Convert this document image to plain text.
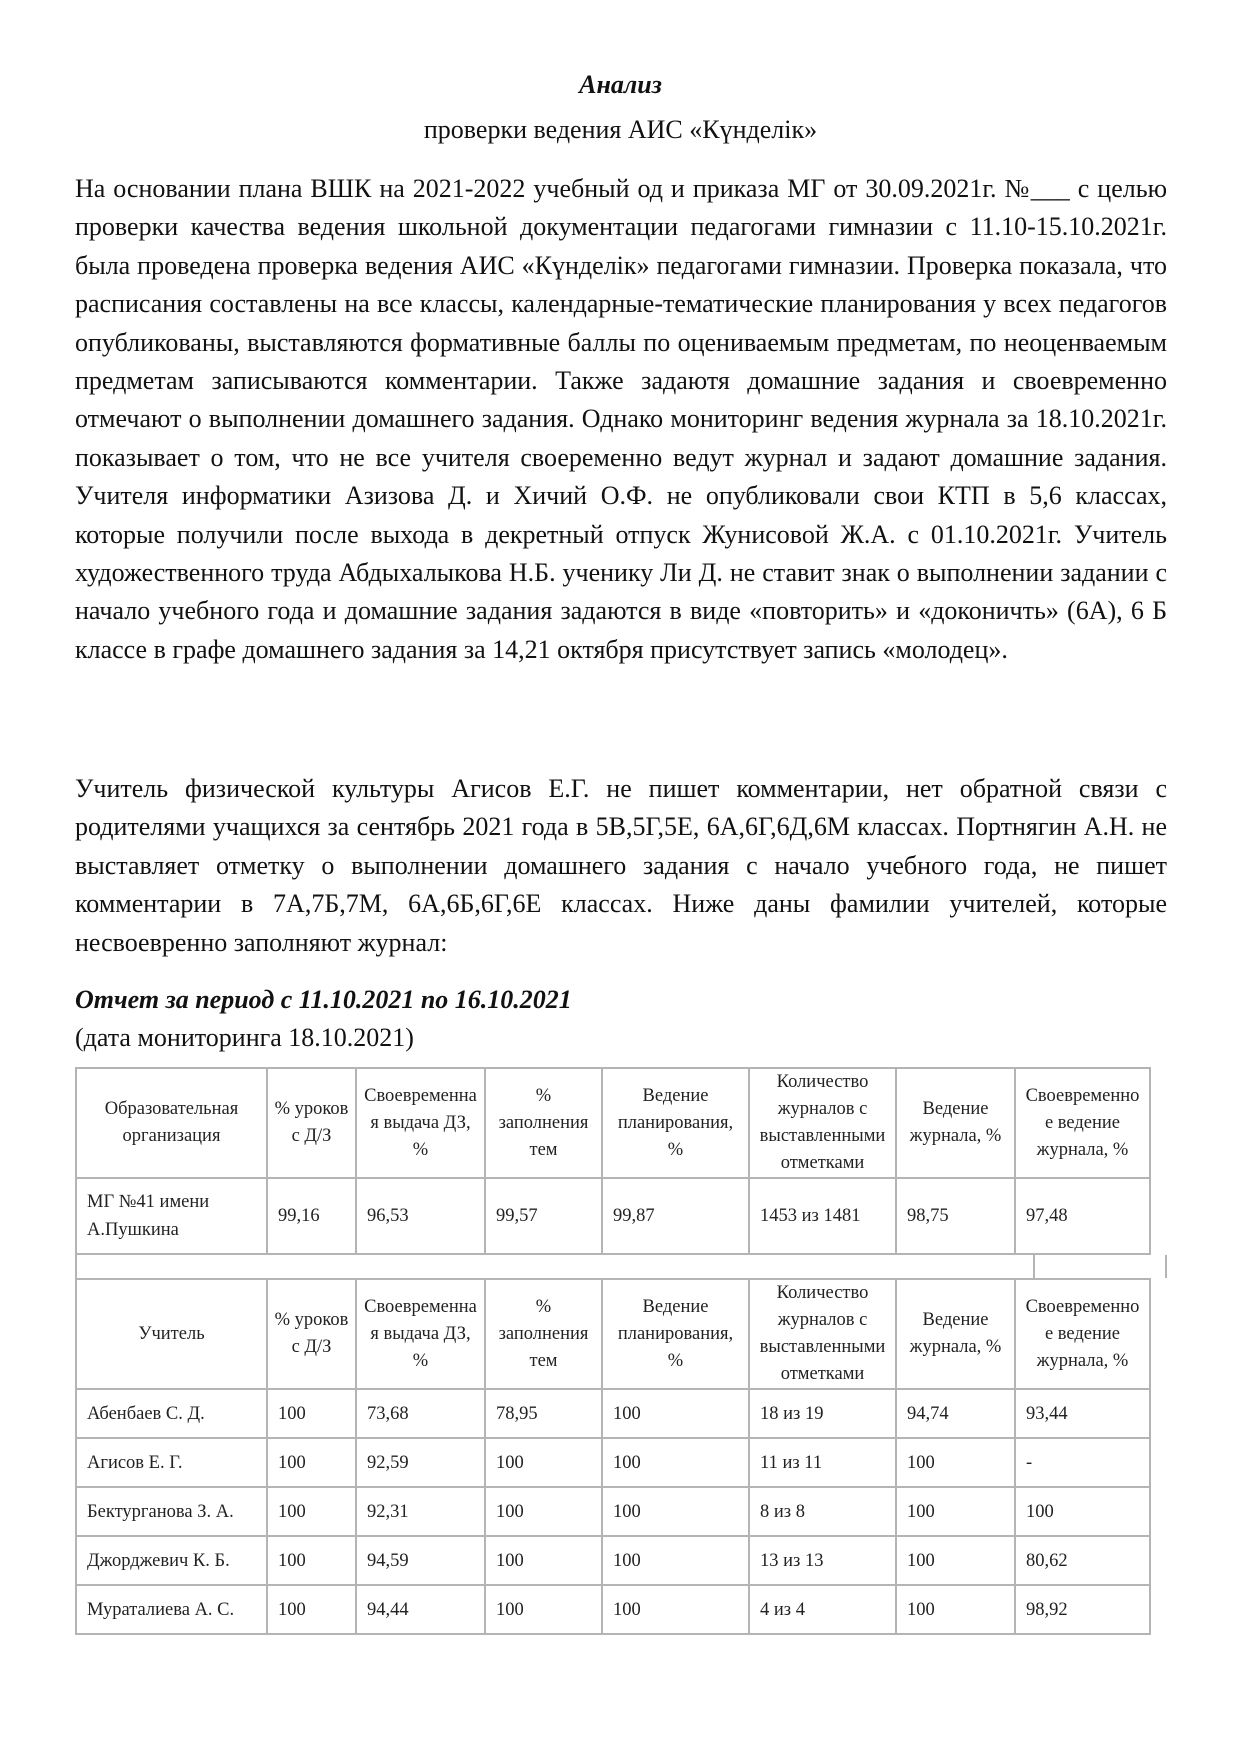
Анализ
проверки ведения АИС «Күнделік»

На основании плана ВШК на 2021-2022 учебный од и приказа МГ от 30.09.2021г. №___ с целью проверки качества ведения школьной документации педагогами гимназии с 11.10-15.10.2021г. была проведена проверка ведения АИС «Күнделік» педагогами гимназии. Проверка показала, что расписания составлены на все классы, календарные-тематические планирования у всех педагогов опубликованы, выставляются формативные баллы по оцениваемым предметам, по неоценваемым предметам записываются комментарии. Также задаютя домашние задания и своевременно отмечают о выполнении домашнего задания. Однако мониторинг ведения журнала за 18.10.2021г. показывает о том, что не все учителя своеременно ведут журнал и задают домашние задания. Учителя информатики Азизова Д. и Хичий О.Ф. не опубликовали свои КТП в 5,6 классах, которые получили после выхода в декретный отпуск Жунисовой Ж.А. с 01.10.2021г. Учитель художественного труда Абдыхалыкова Н.Б. ученику Ли Д. не ставит знак о выполнении задании с начало учебного года и домашние задания задаются в виде «повторить» и «доконичть» (6А), 6 Б классе в графе домашнего задания за 14,21 октября присутствует запись «молодец».

Учитель физической культуры Агисов Е.Г. не пишет комментарии, нет обратной связи с родителями учащихся за сентябрь 2021 года в 5В,5Г,5Е, 6А,6Г,6Д,6М классах. Портнягин А.Н. не выставляет отметку о выполнении домашнего задания с начало учебного года, не пишет комментарии в 7А,7Б,7М, 6А,6Б,6Г,6Е классах. Ниже даны фамилии учителей, которые несвоевренно заполняют журнал:

Отчет за период с 11.10.2021 по 16.10.2021
(дата мониторинга 18.10.2021)
Образовательная организация	% уроков с Д/З	Своевременна я выдача ДЗ, %	% заполнения тем	Ведение планирования, %	Количество журналов с выставленными отметками	Ведение журнала, %	Своевременно е ведение журнала, %
МГ №41 имени А.Пушкина	99,16	96,53	99,57	99,87	1453 из 1481	98,75	97,48
Учитель	% уроков с Д/З	Своевременна я выдача ДЗ, %	% заполнения тем	Ведение планирования, %	Количество журналов с выставленными отметками	Ведение журнала, %	Своевременно е ведение журнала, %
Абенбаев С. Д.	100	73,68	78,95	100	18 из 19	94,74	93,44
Агисов Е. Г.	100	92,59	100	100	11 из 11	100	-
Бектурганова З. А.	100	92,31	100	100	8 из 8	100	100
Джорджевич К. Б.	100	94,59	100	100	13 из 13	100	80,62
Мураталиева А. С.	100	94,44	100	100	4 из 4	100	98,92
